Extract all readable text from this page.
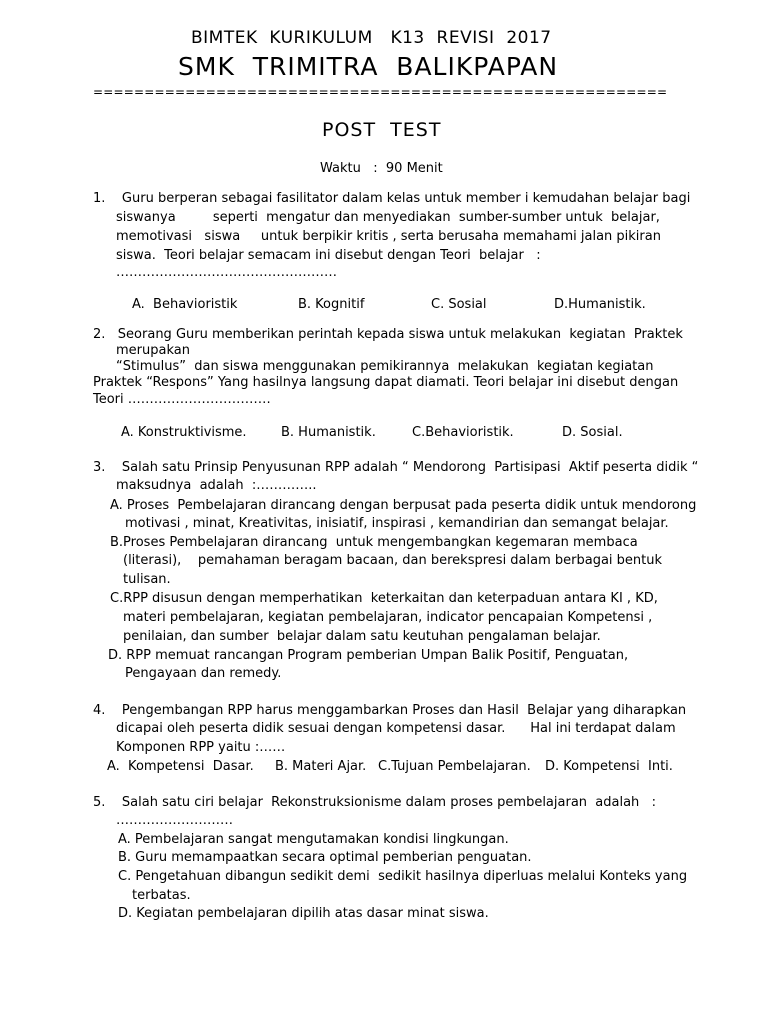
BIMTEK  KURIKULUM   K13  REVISI  2017
SMK  TRIMITRA  BALIKPAPAN
========================================================
POST  TEST
Waktu   :  90 Menit
1.    Guru berperan sebagai fasilitator dalam kelas untuk member i kemudahan belajar bagi
siswanya         seperti  mengatur dan menyediakan  sumber-sumber untuk  belajar,
memotivasi   siswa     untuk berpikir kritis , serta berusaha memahami jalan pikiran
siswa.  Teori belajar semacam ini disebut dengan Teori  belajar   :
……………………………………………
A.  Behavioristik	B. Kognitif	C. Sosial	D.Humanistik.
2.   Seorang Guru memberikan perintah kepada siswa untuk melakukan  kegiatan  Praktek
merupakan
“Stimulus”  dan siswa menggunakan pemikirannya  melakukan  kegiatan kegiatan
Praktek “Respons” Yang hasilnya langsung dapat diamati. Teori belajar ini disebut dengan
Teori ……………………………
A. Konstruktivisme.	B. Humanistik.	C.Behavioristik.	D. Sosial.
3.    Salah satu Prinsip Penyusunan RPP adalah “ Mendorong  Partisipasi  Aktif peserta didik “
maksudnya  adalah  :…………..
A. Proses  Pembelajaran dirancang dengan berpusat pada peserta didik untuk mendorong
motivasi , minat, Kreativitas, inisiatif, inspirasi , kemandirian dan semangat belajar.
B.Proses Pembelajaran dirancang  untuk mengembangkan kegemaran membaca
(literasi),    pemahaman beragam bacaan, dan berekspresi dalam berbagai bentuk
tulisan.
C.RPP disusun dengan memperhatikan  keterkaitan dan keterpaduan antara KI , KD,
materi pembelajaran, kegiatan pembelajaran, indicator pencapaian Kompetensi ,
penilaian, dan sumber  belajar dalam satu keutuhan pengalaman belajar.
D. RPP memuat rancangan Program pemberian Umpan Balik Positif, Penguatan,
Pengayaan dan remedy.
4.    Pengembangan RPP harus menggambarkan Proses dan Hasil  Belajar yang diharapkan
dicapai oleh peserta didik sesuai dengan kompetensi dasar.      Hal ini terdapat dalam
Komponen RPP yaitu :……
A.  Kompetensi  Dasar. B. Materi Ajar. C.Tujuan Pembelajaran. D. Kompetensi  Inti.
5.    Salah satu ciri belajar  Rekonstruksionisme dalam proses pembelajaran  adalah   :
………………………
A. Pembelajaran sangat mengutamakan kondisi lingkungan.
B. Guru memampaatkan secara optimal pemberian penguatan.
C. Pengetahuan dibangun sedikit demi  sedikit hasilnya diperluas melalui Konteks yang
terbatas.
D. Kegiatan pembelajaran dipilih atas dasar minat siswa.
